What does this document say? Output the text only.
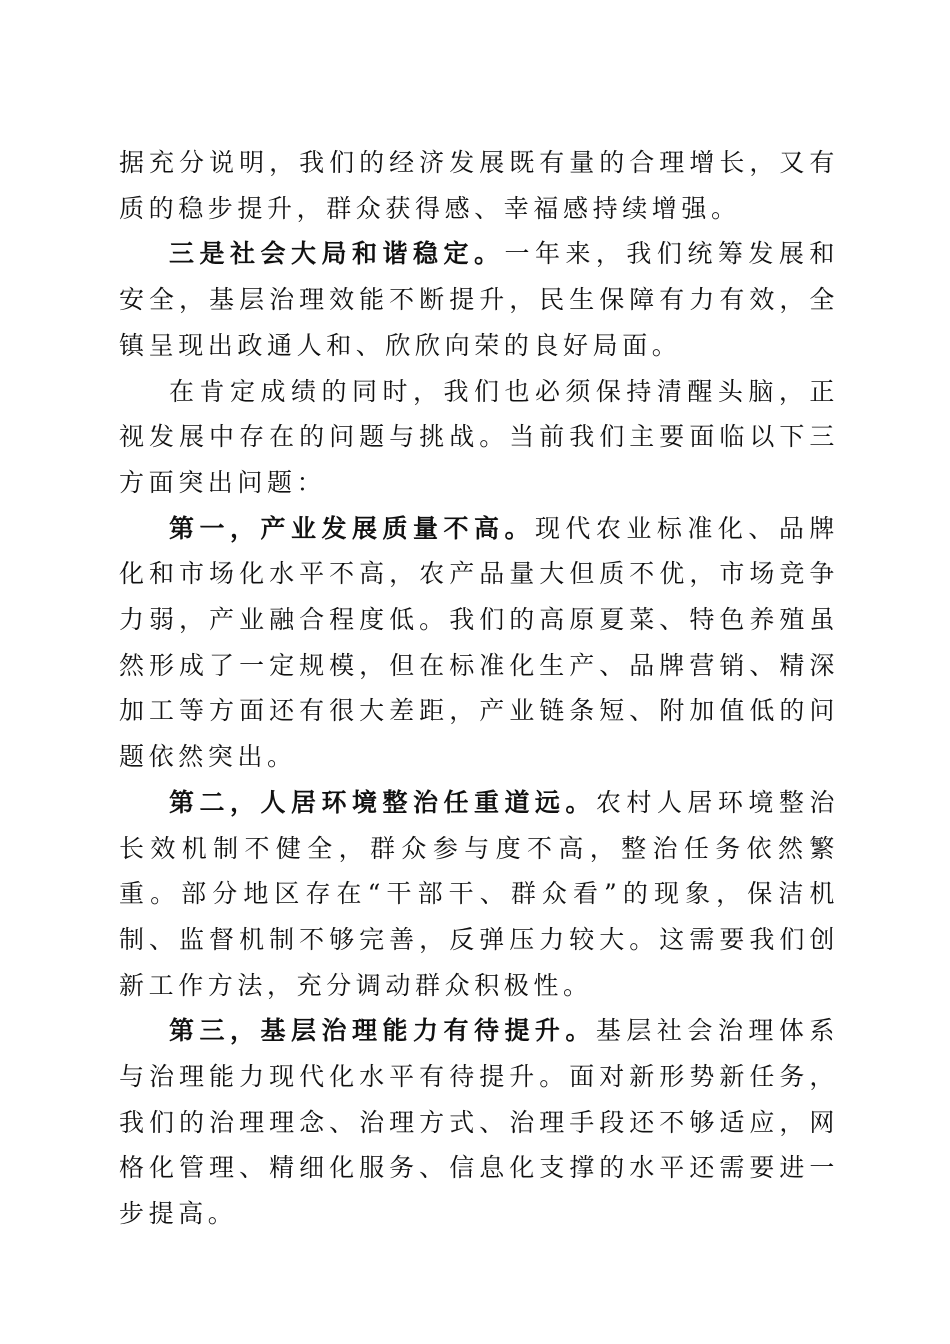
据充分说明，我们的经济发展既有量的合理增长，又有质的稳步提升，群众获得感、幸福感持续增强。

三是社会大局和谐稳定。一年来，我们统筹发展和安全，基层治理效能不断提升，民生保障有力有效，全镇呈现出政通人和、欣欣向荣的良好局面。

在肯定成绩的同时，我们也必须保持清醒头脑，正视发展中存在的问题与挑战。当前我们主要面临以下三方面突出问题：

第一，产业发展质量不高。现代农业标准化、品牌化和市场化水平不高，农产品量大但质不优，市场竞争力弱，产业融合程度低。我们的高原夏菜、特色养殖虽然形成了一定规模，但在标准化生产、品牌营销、精深加工等方面还有很大差距，产业链条短、附加值低的问题依然突出。

第二，人居环境整治任重道远。农村人居环境整治长效机制不健全，群众参与度不高，整治任务依然繁重。部分地区存在“干部干、群众看”的现象，保洁机制、监督机制不够完善，反弹压力较大。这需要我们创新工作方法，充分调动群众积极性。

第三，基层治理能力有待提升。基层社会治理体系与治理能力现代化水平有待提升。面对新形势新任务，我们的治理理念、治理方式、治理手段还不够适应，网格化管理、精细化服务、信息化支撑的水平还需要进一步提高。
